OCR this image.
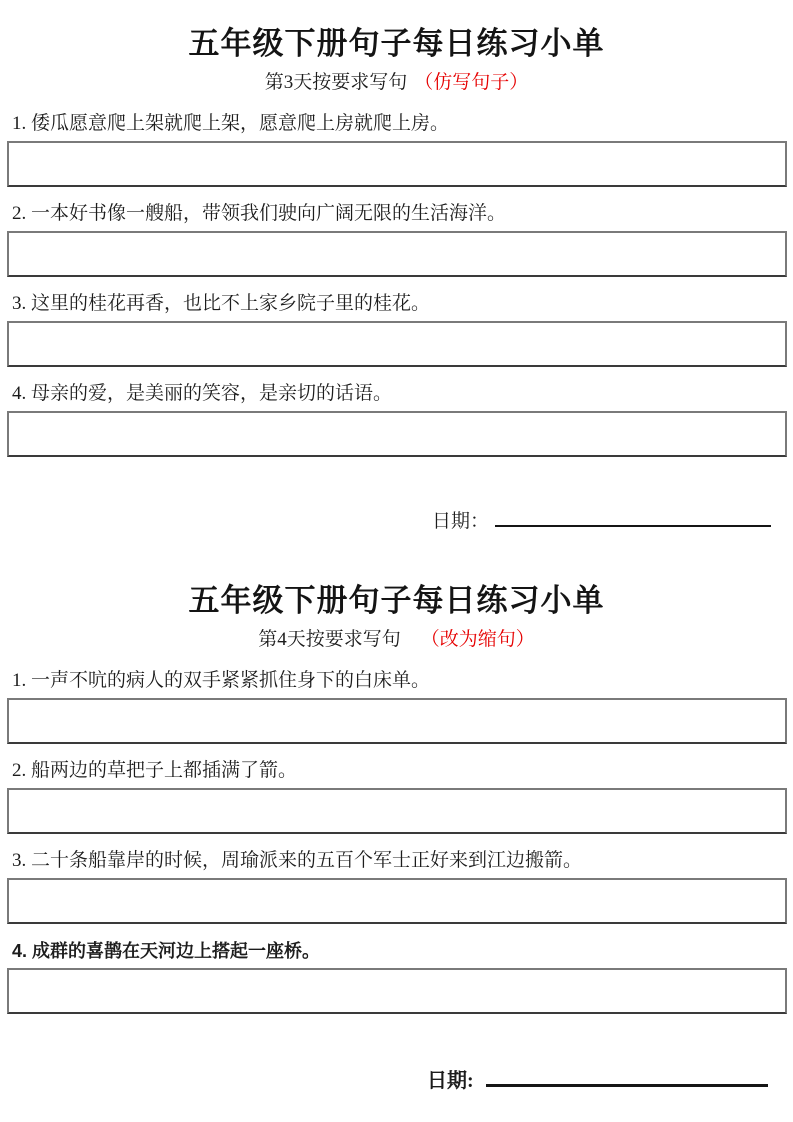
五年级下册句子每日练习小单
第3天按要求写句 （仿写句子）
1. 倭瓜愿意爬上架就爬上架，愿意爬上房就爬上房。
2. 一本好书像一艘船，带领我们驶向广阔无限的生活海洋。
3. 这里的桂花再香，也比不上家乡院子里的桂花。
4. 母亲的爱，是美丽的笑容，是亲切的话语。
日期：
五年级下册句子每日练习小单
第4天按要求写句 （改为缩句）
1. 一声不吭的病人的双手紧紧抓住身下的白床单。
2. 船两边的草把子上都插满了箭。
3. 二十条船靠岸的时候，周瑜派来的五百个军士正好来到江边搬箭。
4. 成群的喜鹊在天河边上搭起一座桥。
日期:
